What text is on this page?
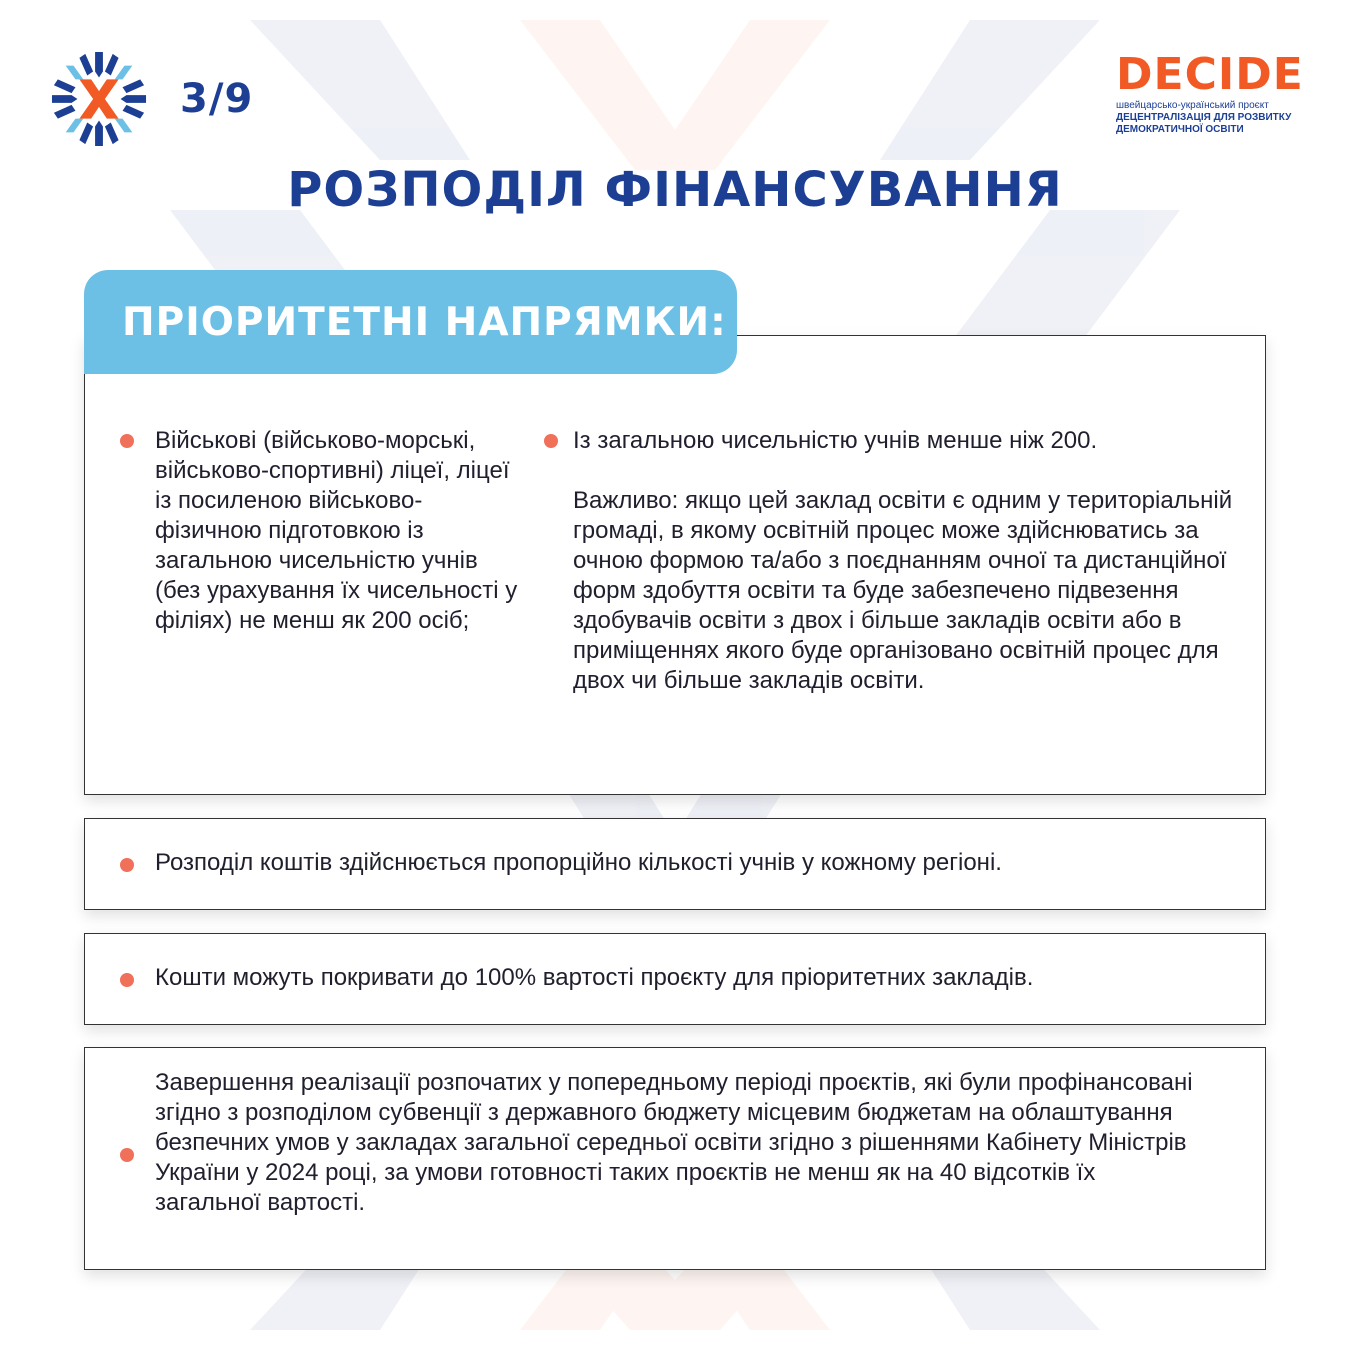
3/9	DECIDE
швейцарсько-український проєкт
ДЕЦЕНТРАЛІЗАЦІЯ ДЛЯ РОЗВИТКУ
ДЕМОКРАТИЧНОЇ ОСВІТИ
РОЗПОДІЛ ФІНАНСУВАННЯ
ПРІОРИТЕТНІ НАПРЯМКИ:

Військові (військово-морські, військово-спортивні) ліцеї, ліцеї із посиленою військово-фізичною підготовкою із загальною чисельністю учнів (без урахування їх чисельності у філіях) не менш як 200 осіб;

Із загальною чисельністю учнів менше ніж 200.

Важливо: якщо цей заклад освіти є одним у територіальній громаді, в якому освітній процес може здійснюватись за очною формою та/або з поєднанням очної та дистанційної форм здобуття освіти та буде забезпечено підвезення здобувачів освіти з двох і більше закладів освіти або в приміщеннях якого буде організовано освітній процес для двох чи більше закладів освіти.

Розподіл коштів здійснюється пропорційно кількості учнів у кожному регіоні.

Кошти можуть покривати до 100% вартості проєкту для пріоритетних закладів.

Завершення реалізації розпочатих у попередньому періоді проєктів, які були профінансовані згідно з розподілом субвенції з державного бюджету місцевим бюджетам на облаштування безпечних умов у закладах загальної середньої освіти згідно з рішеннями Кабінету Міністрів України у 2024 році, за умови готовності таких проєктів не менш як на 40 відсотків їх загальної вартості.
